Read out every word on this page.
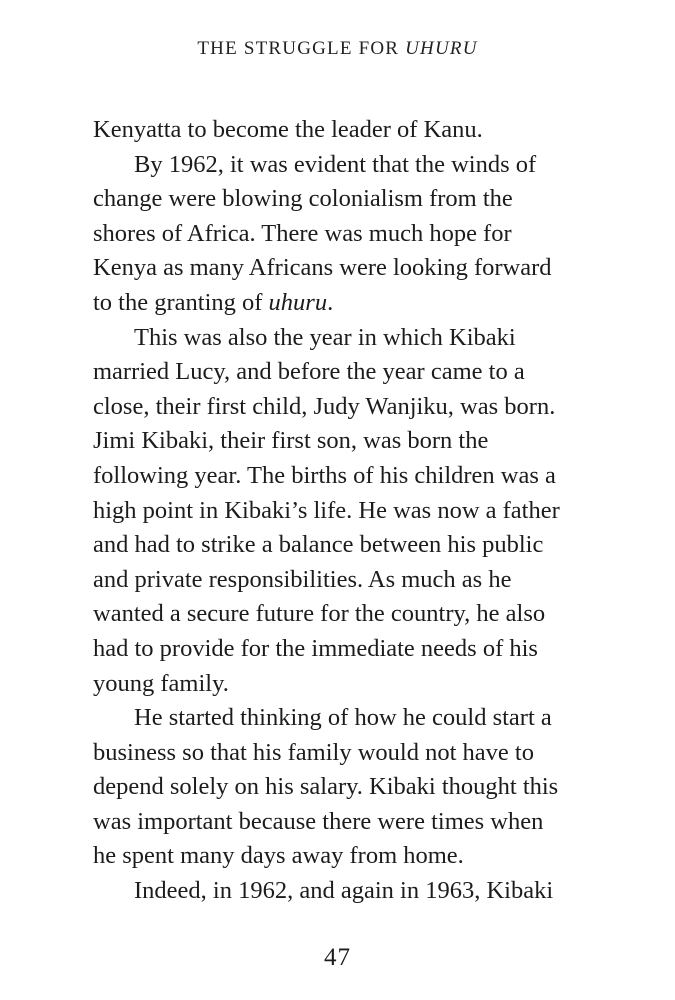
THE STRUGGLE FOR UHURU
Kenyatta to become the leader of Kanu.
By 1962, it was evident that the winds of
change were blowing colonialism from the
shores of Africa. There was much hope for
Kenya as many Africans were looking forward
to the granting of uhuru.
This was also the year in which Kibaki
married Lucy, and before the year came to a
close, their first child, Judy Wanjiku, was born.
Jimi Kibaki, their first son, was born the
following year. The births of his children was a
high point in Kibaki’s life. He was now a father
and had to strike a balance between his public
and private responsibilities. As much as he
wanted a secure future for the country, he also
had to provide for the immediate needs of his
young family.
He started thinking of how he could start a
business so that his family would not have to
depend solely on his salary. Kibaki thought this
was important because there were times when
he spent many days away from home.
Indeed, in 1962, and again in 1963, Kibaki
47
